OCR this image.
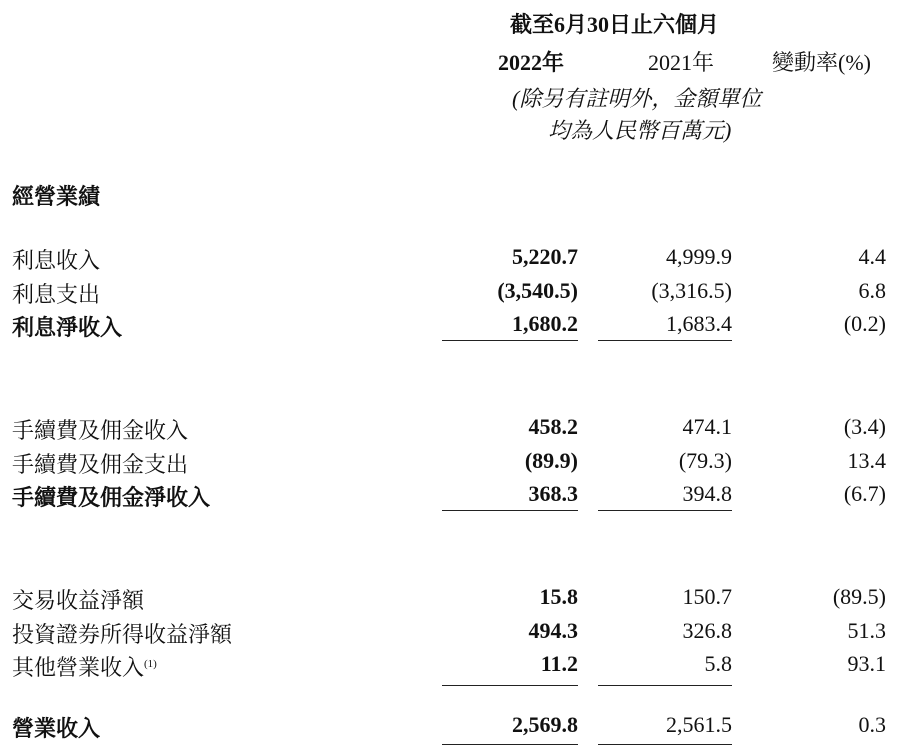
截至6月30日止六個月
2022年	2021年	變動率(%)
(除另有註明外，金額單位
均為人民幣百萬元)
經營業績
利息收入	5,220.7	4,999.9	4.4
利息支出	(3,540.5)	(3,316.5)	6.8
利息淨收入	1,680.2	1,683.4	(0.2)
手續費及佣金收入	458.2	474.1	(3.4)
手續費及佣金支出	(89.9)	(79.3)	13.4
手續費及佣金淨收入	368.3	394.8	(6.7)
交易收益淨額	15.8	150.7	(89.5)
投資證券所得收益淨額	494.3	326.8	51.3
其他營業收入$^{(1)}$	11.2	5.8	93.1
營業收入	2,569.8	2,561.5	0.3
